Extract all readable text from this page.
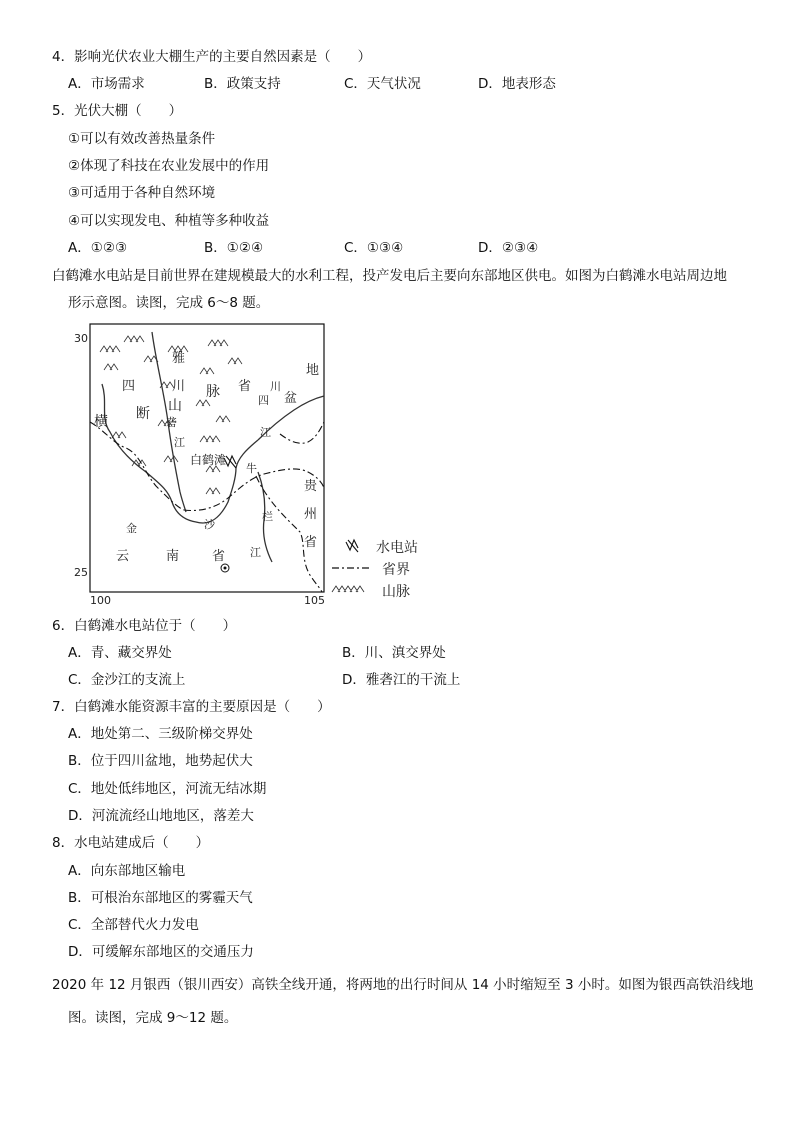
4．影响光伏农业大棚生产的主要自然因素是（　　）
A．市场需求	B．政策支持	C．天气状况	D．地表形态
5．光伏大棚（　　）
①可以有效改善热量条件
②体现了科技在农业发展中的作用
③可适用于各种自然环境
④可以实现发电、种植等多种收益
A．①②③	B．①②④	C．①③④	D．②③④
白鹤滩水电站是目前世界在建规模最大的水利工程，投产发电后主要向东部地区供电。如图为白鹤滩水电站周边地
形示意图。读图，完成 6～8 题。
30
25
100	105
雅
四	川 脉 省
盆
地
横 断 山
砻
四
川
江
江
白鹤滩
牛
贵
州
省
金	沙
栏
江
云	南	省
水电站
省界
山脉
6．白鹤滩水电站位于（　　）
A．青、藏交界处	B．川、滇交界处
C．金沙江的支流上	D．雅砻江的干流上
7．白鹤滩水能资源丰富的主要原因是（　　）
A．地处第二、三级阶梯交界处
B．位于四川盆地，地势起伏大
C．地处低纬地区，河流无结冰期
D．河流流经山地地区，落差大
8．水电站建成后（　　）
A．向东部地区输电
B．可根治东部地区的雾霾天气
C．全部替代火力发电
D．可缓解东部地区的交通压力
2020 年 12 月银西（银川西安）高铁全线开通，将两地的出行时间从 14 小时缩短至 3 小时。如图为银西高铁沿线地
图。读图，完成 9～12 题。
